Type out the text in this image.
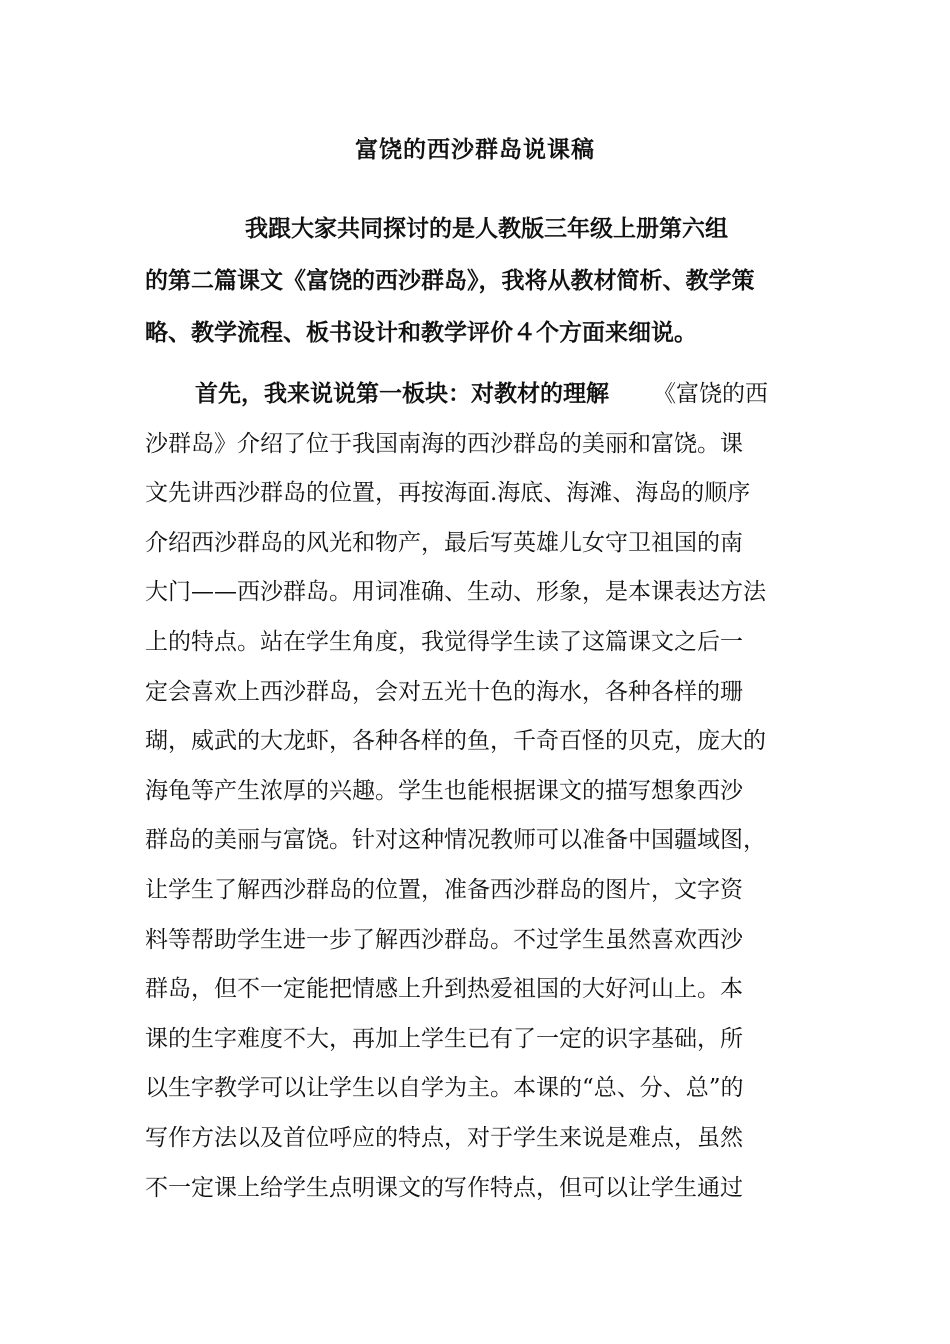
富饶的西沙群岛说课稿

我跟大家共同探讨的是人教版三年级上册第六组
的第二篇课文《富饶的西沙群岛》，我将从教材简析、教学策
略、教学流程、板书设计和教学评价４个方面来细说。

首先，我来说说第一板块：对教材的理解 《富饶的西
沙群岛》介绍了位于我国南海的西沙群岛的美丽和富饶。课
文先讲西沙群岛的位置，再按海面.海底、海滩、海岛的顺序
介绍西沙群岛的风光和物产，最后写英雄儿女守卫祖国的南
大门——西沙群岛。用词准确、生动、形象，是本课表达方法
上的特点。站在学生角度，我觉得学生读了这篇课文之后一
定会喜欢上西沙群岛，会对五光十色的海水，各种各样的珊
瑚，威武的大龙虾，各种各样的鱼，千奇百怪的贝克，庞大的
海龟等产生浓厚的兴趣。学生也能根据课文的描写想象西沙
群岛的美丽与富饶。针对这种情况教师可以准备中国疆域图，
让学生了解西沙群岛的位置，准备西沙群岛的图片，文字资
料等帮助学生进一步了解西沙群岛。不过学生虽然喜欢西沙
群岛，但不一定能把情感上升到热爱祖国的大好河山上。本
课的生字难度不大，再加上学生已有了一定的识字基础，所
以生字教学可以让学生以自学为主。本课的“总、分、总”的
写作方法以及首位呼应的特点，对于学生来说是难点，虽然
不一定课上给学生点明课文的写作特点，但可以让学生通过
